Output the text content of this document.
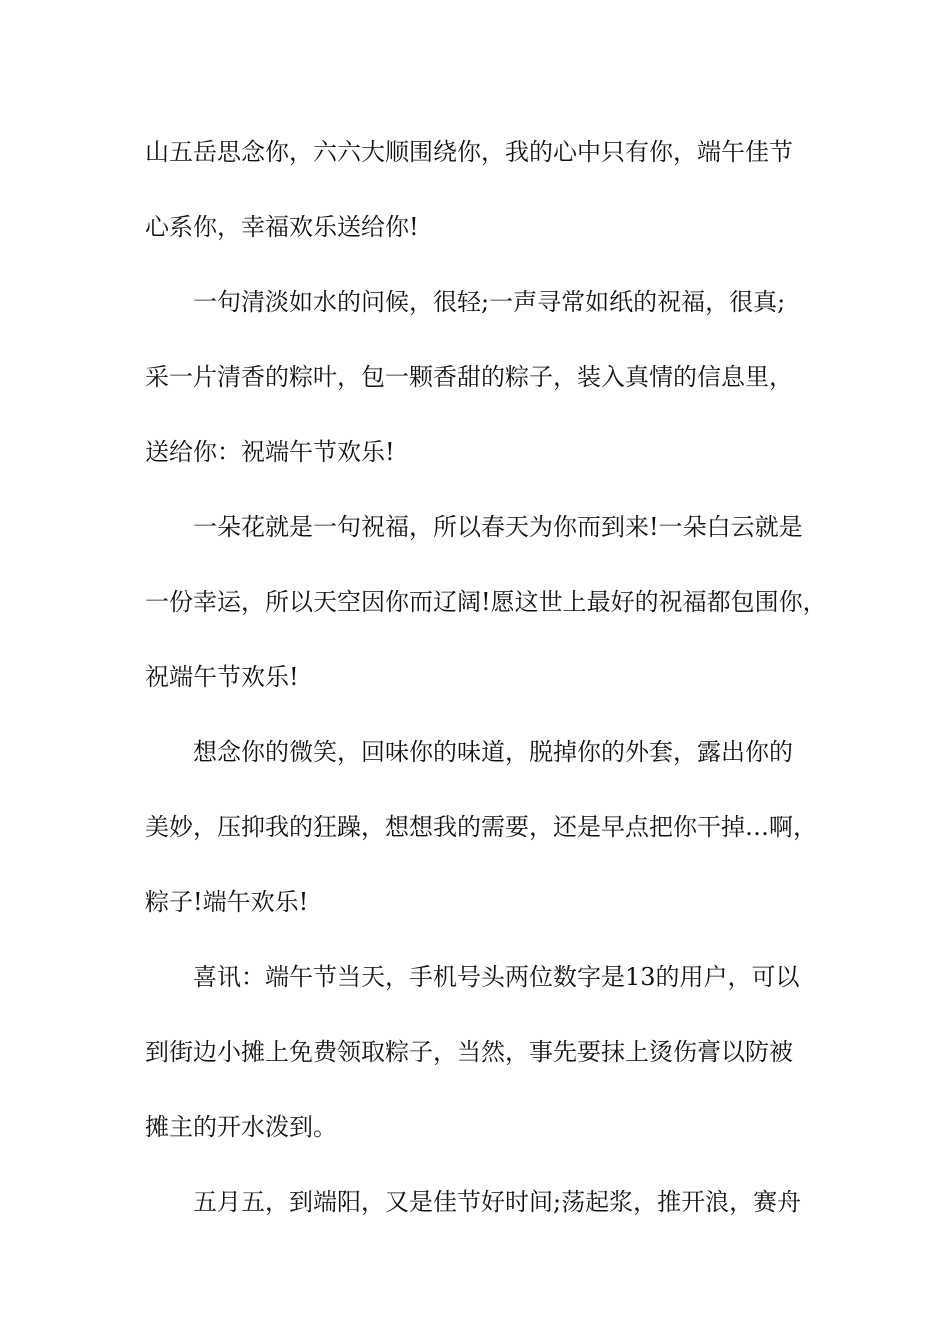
山五岳思念你，六六大顺围绕你，我的心中只有你，端午佳节
心系你，幸福欢乐送给你!
一句清淡如水的问候，很轻;一声寻常如纸的祝福，很真;
采一片清香的粽叶，包一颗香甜的粽子，装入真情的信息里，
送给你：祝端午节欢乐!
一朵花就是一句祝福，所以春天为你而到来!一朵白云就是
一份幸运，所以天空因你而辽阔!愿这世上最好的祝福都包围你，
祝端午节欢乐!
想念你的微笑，回味你的味道，脱掉你的外套，露出你的
美妙，压抑我的狂躁，想想我的需要，还是早点把你干掉…啊，
粽子!端午欢乐!
喜讯：端午节当天，手机号头两位数字是13的用户，可以
到街边小摊上免费领取粽子，当然，事先要抹上烫伤膏以防被
摊主的开水泼到。
五月五，到端阳，又是佳节好时间;荡起浆，推开浪，赛舟
